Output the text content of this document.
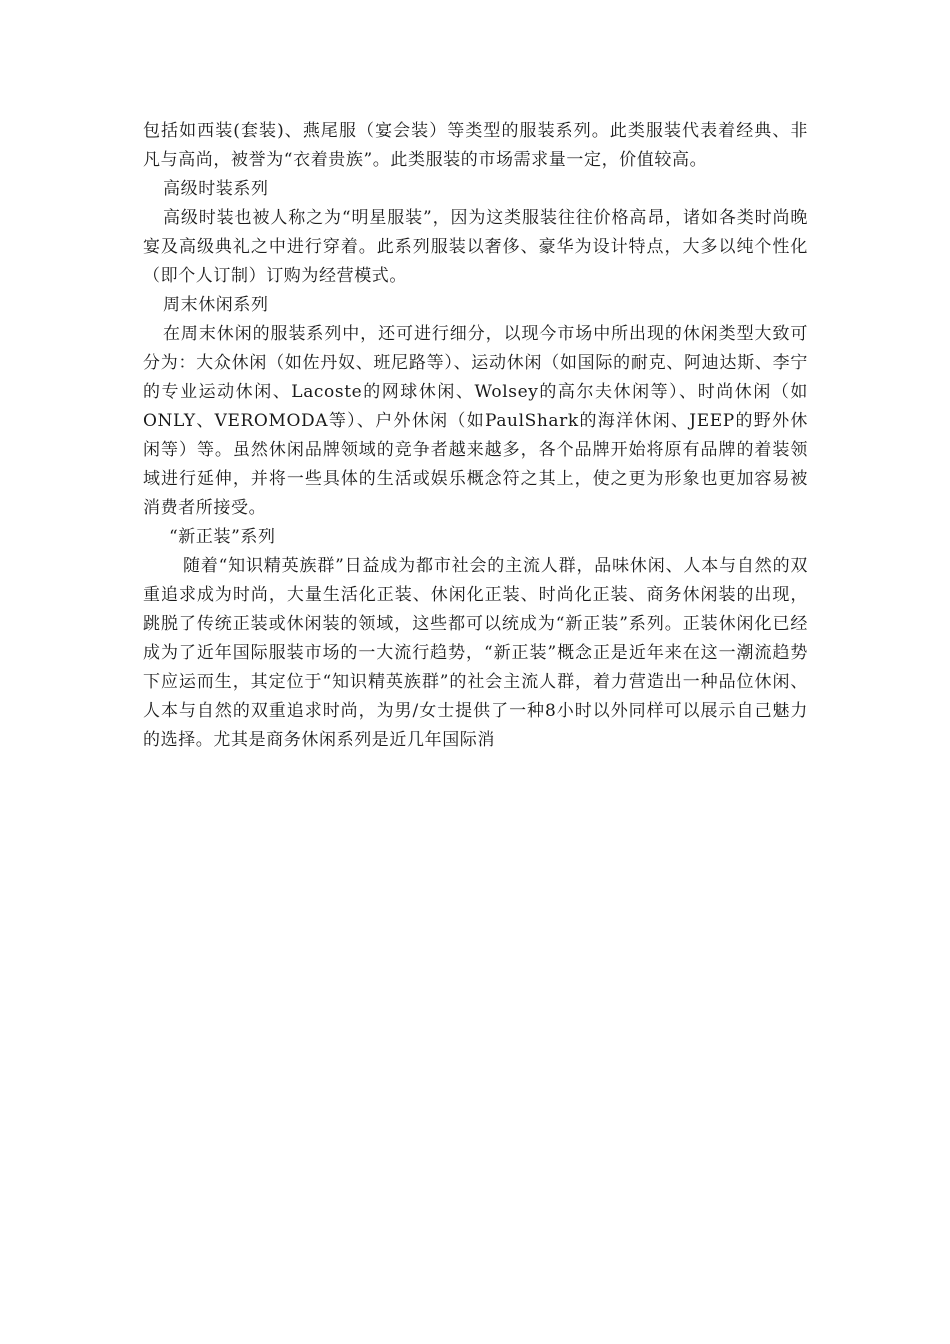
包括如西装(套装)、燕尾服（宴会装）等类型的服装系列。此类服装代表着经典、非凡与高尚，被誉为“衣着贵族”。此类服装的市场需求量一定，价值较高。

高级时装系列

高级时装也被人称之为“明星服装”，因为这类服装往往价格高昂，诸如各类时尚晚宴及高级典礼之中进行穿着。此系列服装以奢侈、豪华为设计特点，大多以纯个性化（即个人订制）订购为经营模式。

周末休闲系列

在周末休闲的服装系列中，还可进行细分，以现今市场中所出现的休闲类型大致可分为：大众休闲（如佐丹奴、班尼路等）、运动休闲（如国际的耐克、阿迪达斯、李宁的专业运动休闲、Lacoste的网球休闲、Wolsey的高尔夫休闲等）、时尚休闲（如ONLY、VEROMODA等）、户外休闲（如PaulShark的海洋休闲、JEEP的野外休闲等）等。虽然休闲品牌领域的竞争者越来越多，各个品牌开始将原有品牌的着装领域进行延伸，并将一些具体的生活或娱乐概念符之其上，使之更为形象也更加容易被消费者所接受。

“新正装”系列

随着“知识精英族群”日益成为都市社会的主流人群，品味休闲、人本与自然的双重追求成为时尚，大量生活化正装、休闲化正装、时尚化正装、商务休闲装的出现，跳脱了传统正装或休闲装的领域，这些都可以统成为“新正装”系列。正装休闲化已经成为了近年国际服装市场的一大流行趋势，“新正装”概念正是近年来在这一潮流趋势下应运而生，其定位于“知识精英族群”的社会主流人群，着力营造出一种品位休闲、人本与自然的双重追求时尚，为男/女士提供了一种8小时以外同样可以展示自己魅力的选择。尤其是商务休闲系列是近几年国际消
